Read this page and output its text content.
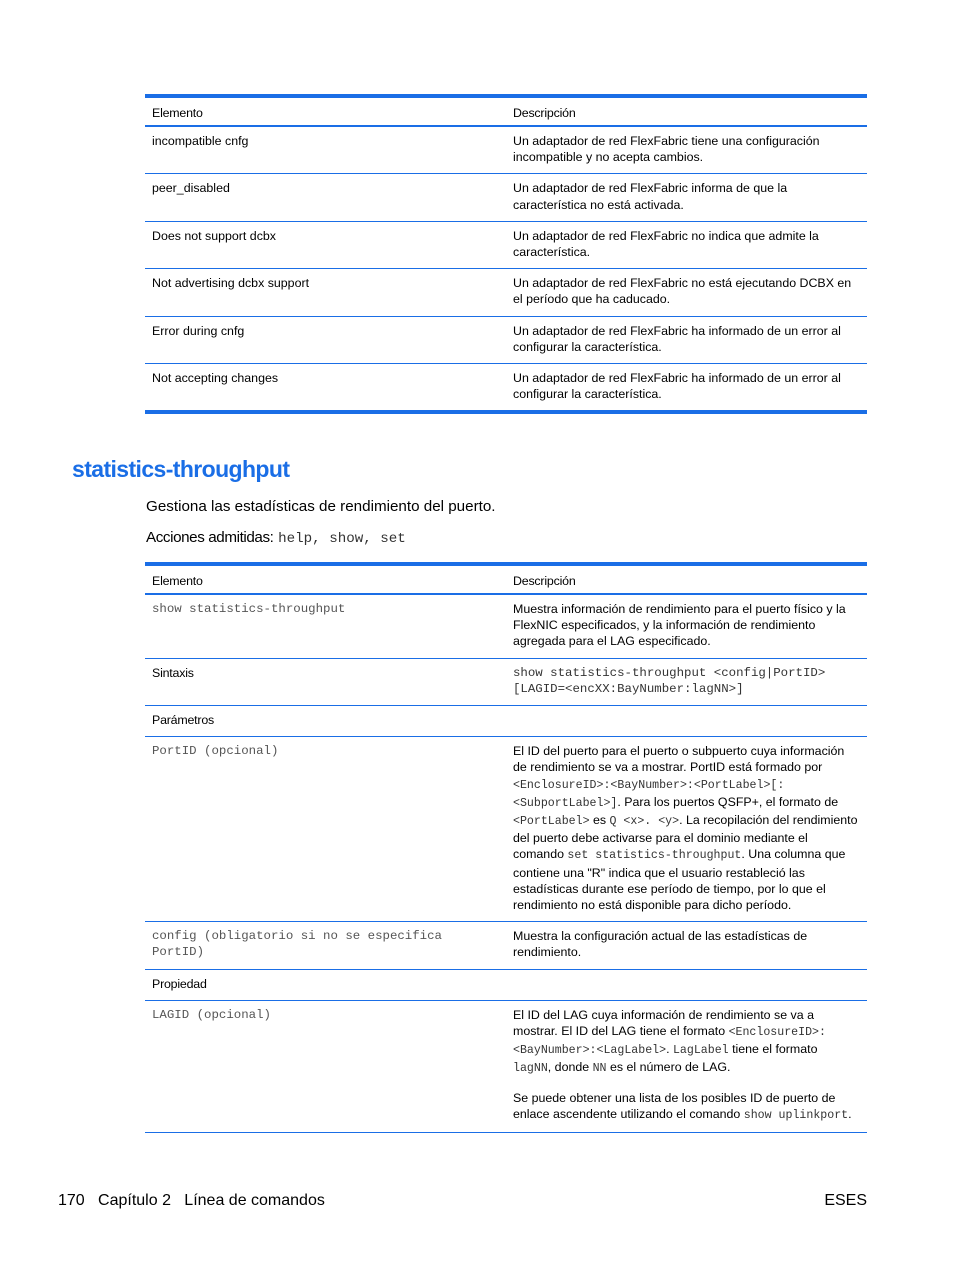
Elemento	Descripción
incompatible cnfg	Un adaptador de red FlexFabric tiene una configuración incompatible y no acepta cambios.
peer_disabled	Un adaptador de red FlexFabric informa de que la característica no está activada.
Does not support dcbx	Un adaptador de red FlexFabric no indica que admite la característica.
Not advertising dcbx support	Un adaptador de red FlexFabric no está ejecutando DCBX en el período que ha caducado.
Error during cnfg	Un adaptador de red FlexFabric ha informado de un error al configurar la característica.
Not accepting changes	Un adaptador de red FlexFabric ha informado de un error al configurar la característica.
statistics-throughput

Gestiona las estadísticas de rendimiento del puerto.

Acciones admitidas: help, show, set

Elemento	Descripción
show statistics-throughput	Muestra información de rendimiento para el puerto físico y la FlexNIC especificados, y la información de rendimiento agregada para el LAG especificado.
Sintaxis	show statistics-throughput <config|PortID> [LAGID=<encXX:BayNumber:lagNN>]
Parámetros	
PortID (opcional)	El ID del puerto para el puerto o subpuerto cuya información de rendimiento se va a mostrar. PortID está formado por <EnclosureID>:<BayNumber>:<PortLabel>[:<SubportLabel>]. Para los puertos QSFP+, el formato de <PortLabel> es Q <x>. <y>. La recopilación del rendimiento del puerto debe activarse para el dominio mediante el comando set statistics-throughput. Una columna que contiene una "R" indica que el usuario restableció las estadísticas durante ese período de tiempo, por lo que el rendimiento no está disponible para dicho período.
config (obligatorio si no se especifica PortID)	Muestra la configuración actual de las estadísticas de rendimiento.
Propiedad	
LAGID (opcional)	El ID del LAG cuya información de rendimiento se va a mostrar. El ID del LAG tiene el formato <EnclosureID>:<BayNumber>:<LagLabel>. LagLabel tiene el formato lagNN, donde NN es el número de LAG.
Se puede obtener una lista de los posibles ID de puerto de enlace ascendente utilizando el comando show uplinkport.
170   Capítulo 2   Línea de comandos	ESES
